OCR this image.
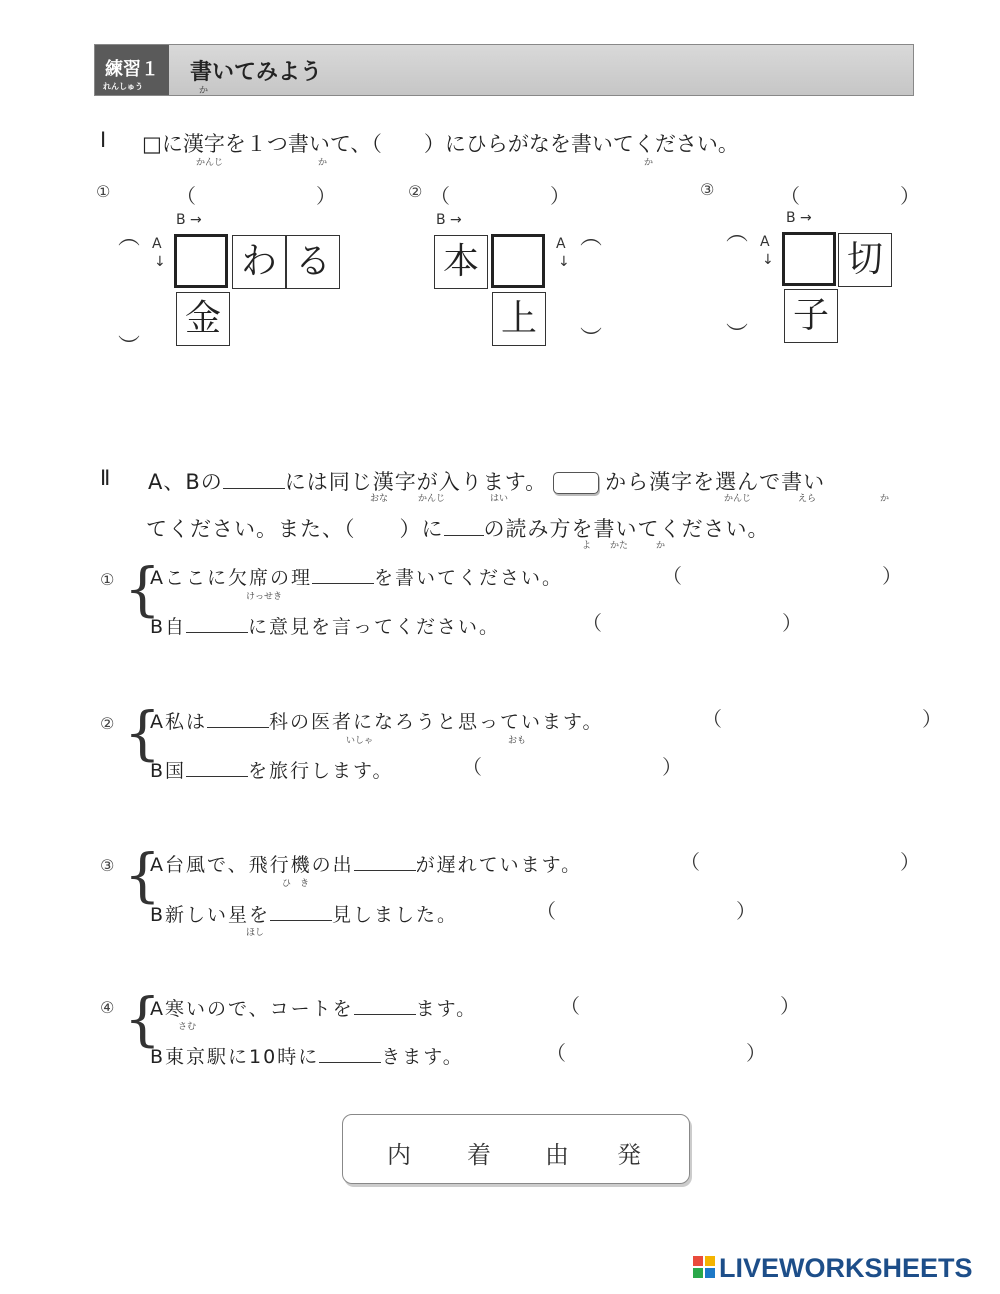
練習１
れんしゅう
書いてみよう
か
Ⅰ □に漢字を１つ書いて、（　　）にひらがなを書いてください。
かんじ	か	か
①	（　　　　　　）
B →
A
↓
︵
︶
わ る
金
② （　　　　　）
B →
A
↓
︵
︶
本
上
③	（　　　　　）
B →
A
↓
︵
︶
切
子
Ⅱ A、Bの	には同じ漢字が入ります。	から漢字を選んで書い
おな	かんじ	はい	かんじ	えら	か
てください。また、（　　）に の読み方を書いてください。
よ かた	か
① {
Aここに欠席の理	を書いてください。
けっせき
（　　　　　　　　　　）
B自	に意見を言ってください。	（　　　　　　　　　）
② {
A私は	科の医者になろうと思っています。
いしゃ	おも
（　　　　　　　　　　）
B国	を旅行します。	（　　　　　　　　　）
③ {
A台風で、飛行機の出	が遅れています。
ひ　き
（　　　　　　　　　　）
B新しい星を	見しました。
ほし
（　　　　　　　　　）
④ {
A寒いので、コートを	ます。
さむ
（　　　　　　　　　　）
B東京駅に10時に	きます。	（　　　　　　　　　）
内 着 由 発
LIVEWORKSHEETS
